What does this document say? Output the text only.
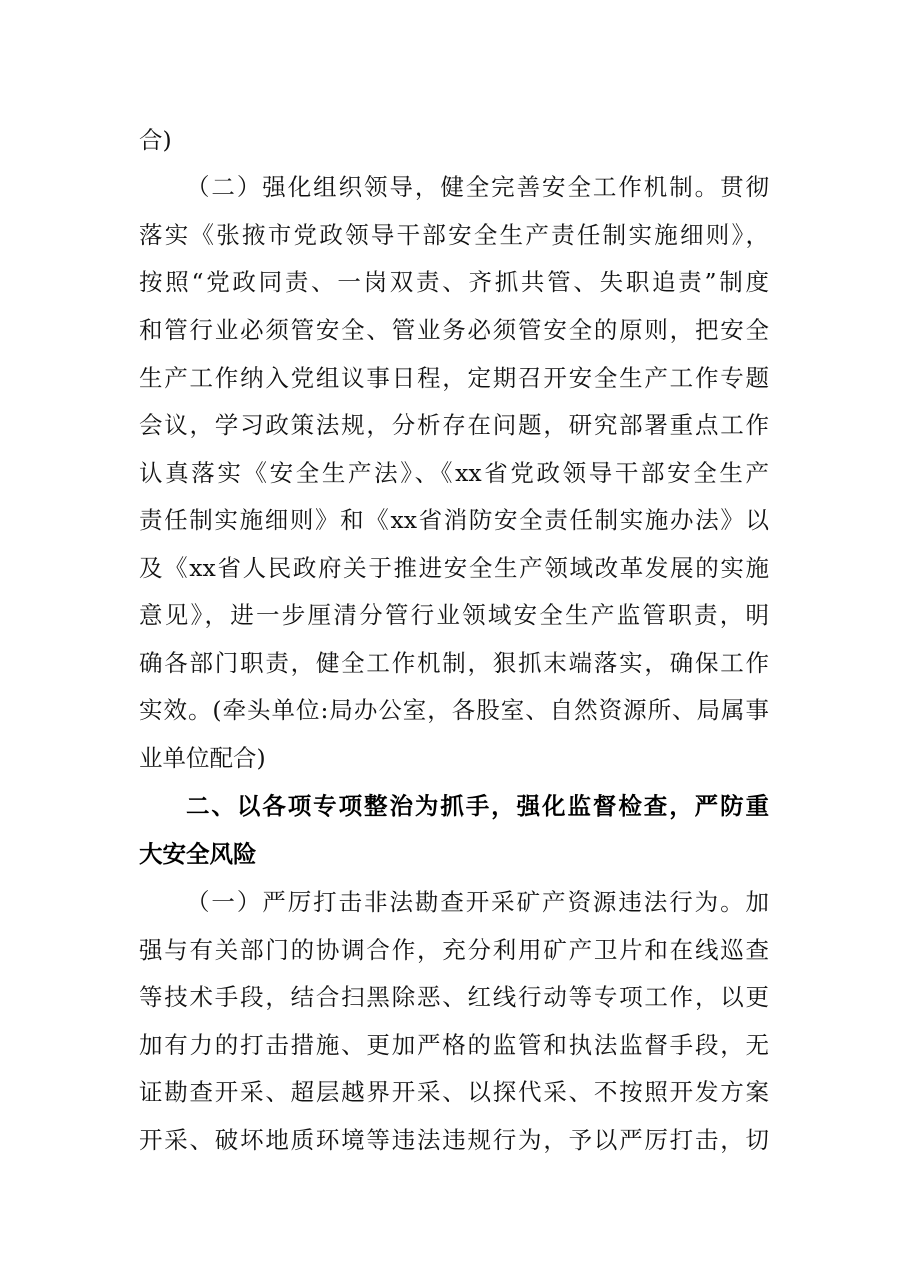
合)
（二）强化组织领导，健全完善安全工作机制。贯彻
落实《张掖市党政领导干部安全生产责任制实施细则》，
按照“党政同责、一岗双责、齐抓共管、失职追责”制度
和管行业必须管安全、管业务必须管安全的原则，把安全
生产工作纳入党组议事日程，定期召开安全生产工作专题
会议，学习政策法规，分析存在问题，研究部署重点工作
认真落实《安全生产法》、《xx省党政领导干部安全生产
责任制实施细则》和《xx省消防安全责任制实施办法》以
及《xx省人民政府关于推进安全生产领域改革发展的实施
意见》，进一步厘清分管行业领域安全生产监管职责，明
确各部门职责，健全工作机制，狠抓末端落实，确保工作
实效。(牵头单位:局办公室，各股室、自然资源所、局属事
业单位配合)
二、以各项专项整治为抓手，强化监督检查，严防重
大安全风险
（一）严厉打击非法勘查开采矿产资源违法行为。加
强与有关部门的协调合作，充分利用矿产卫片和在线巡查
等技术手段，结合扫黑除恶、红线行动等专项工作，以更
加有力的打击措施、更加严格的监管和执法监督手段，无
证勘查开采、超层越界开采、以探代采、不按照开发方案
开采、破坏地质环境等违法违规行为，予以严厉打击，切
